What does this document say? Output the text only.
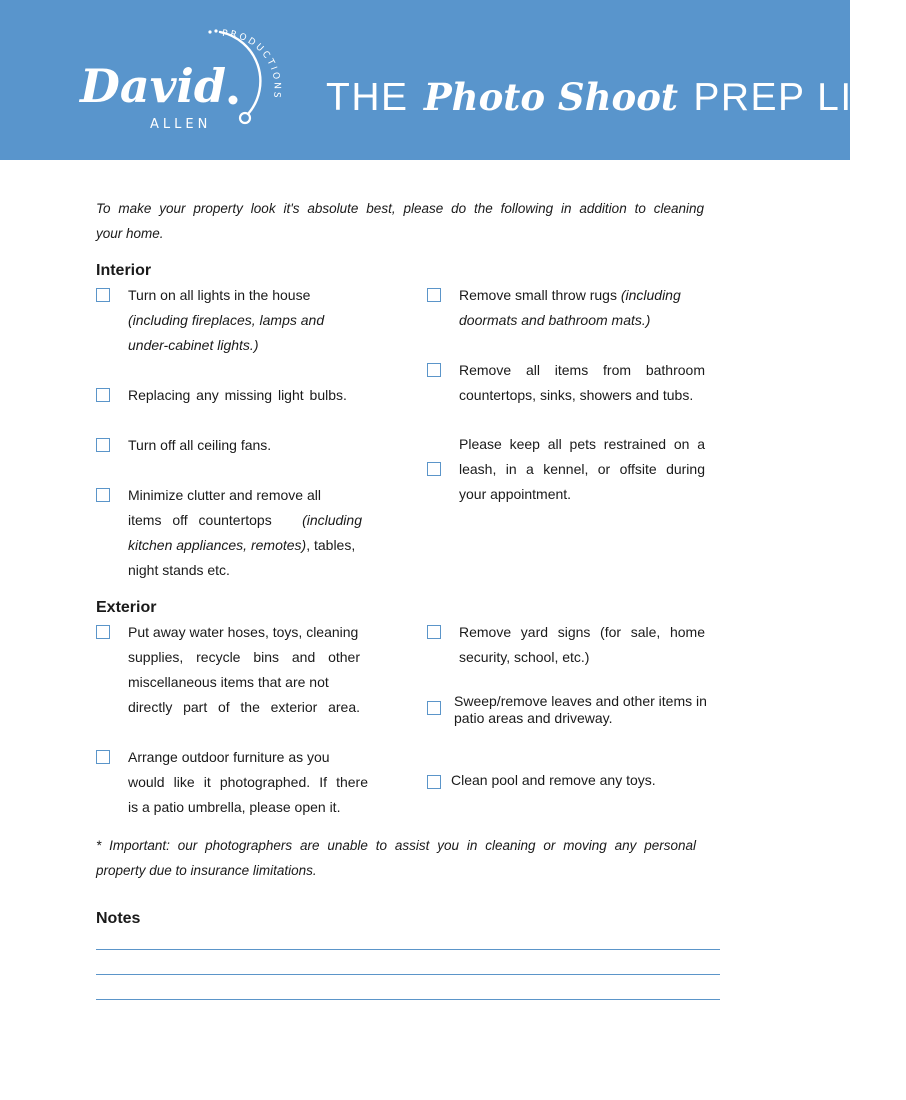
PRODUCTIONS
David
ALLEN
THE Photo Shoot PREP LIST
To make your property look it's absolute best, please do the following in addition to cleaning
your home.
Interior
Turn on all lights in the house
(including fireplaces, lamps and
under-cabinet lights.)
Replacing any missing light bulbs.
Turn off all ceiling fans.
Minimize clutter and remove all
items off countertops (including
kitchen appliances, remotes), tables,
night stands etc.
Remove small throw rugs (including
doormats and bathroom mats.)
Remove all items from bathroom
countertops, sinks, showers and tubs.
Please keep all pets restrained on a
leash, in a kennel, or offsite during
your appointment.
Exterior
Put away water hoses, toys, cleaning
supplies, recycle bins and other
miscellaneous items that are not
directly part of the exterior area.
Arrange outdoor furniture as you
would like it photographed. If there
is a patio umbrella, please open it.
Remove yard signs (for sale, home
security, school, etc.)
Sweep/remove leaves and other items in
patio areas and driveway.
Clean pool and remove any toys.
* Important: our photographers are unable to assist you in cleaning or moving any personal
property due to insurance limitations.
Notes
